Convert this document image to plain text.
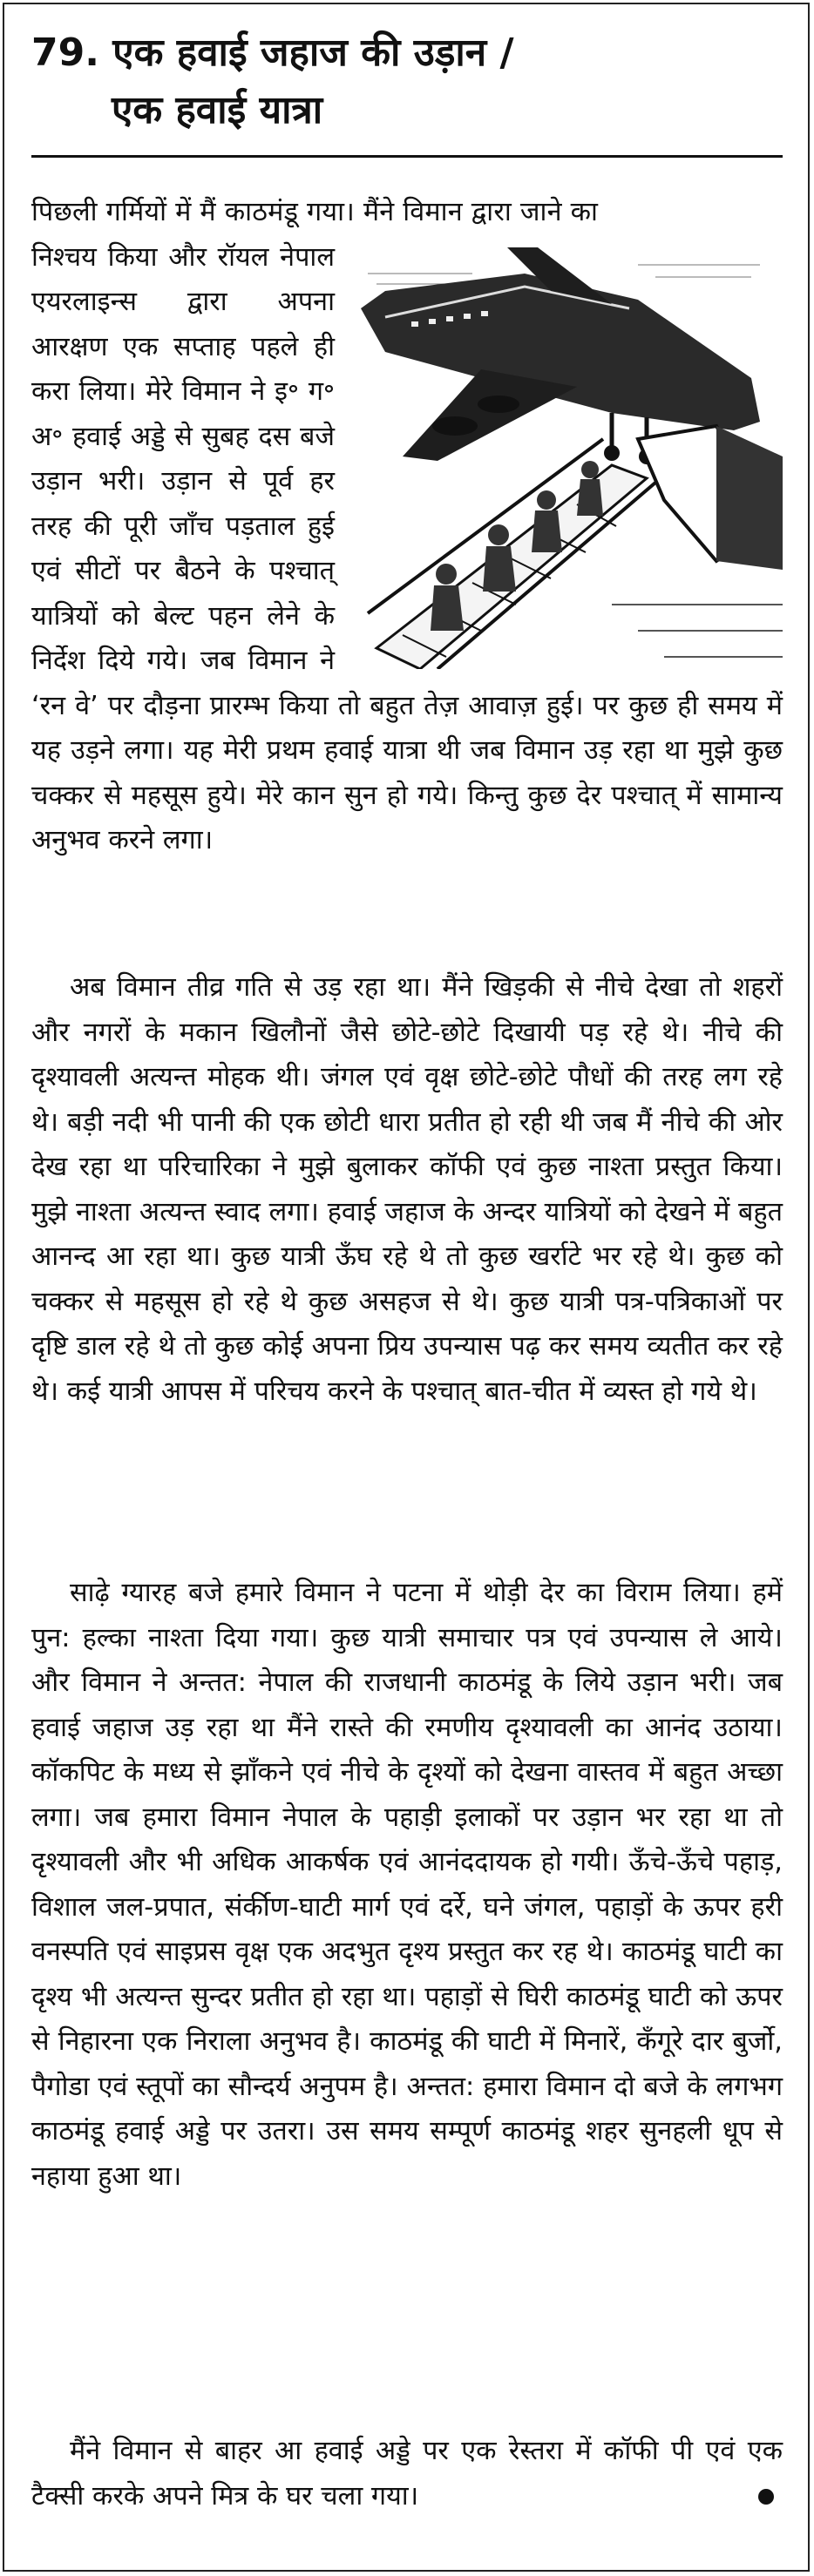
79. एक हवाई जहाज की उड़ान /
एक हवाई यात्रा
पिछली गर्मियों में मैं काठमंडू गया। मैंने विमान द्वारा जाने का
निश्चय किया और रॉयल नेपाल एयरलाइन्स द्वारा अपना आरक्षण एक सप्ताह पहले ही करा लिया। मेरे विमान ने इ॰ ग॰ अ॰ हवाई अड्डे से सुबह दस बजे उड़ान भरी। उड़ान से पूर्व हर तरह की पूरी जाँच पड़ताल हुई एवं सीटों पर बैठने के पश्चात् यात्रियों को बेल्ट पहन लेने के निर्देश दिये गये। जब विमान ने ‘रन वे’ पर दौड़ना प्रारम्भ किया तो बहुत तेज़ आवाज़ हुई। पर कुछ ही समय में यह उड़ने लगा। यह मेरी प्रथम हवाई यात्रा थी जब विमान उड़ रहा था मुझे कुछ चक्कर से महसूस हुये। मेरे कान सुन हो गये। किन्तु कुछ देर पश्चात् में सामान्य अनुभव करने लगा।

अब विमान तीव्र गति से उड़ रहा था। मैंने खिड़की से नीचे देखा तो शहरों और नगरों के मकान खिलौनों जैसे छोटे-छोटे दिखायी पड़ रहे थे। नीचे की दृश्यावली अत्यन्त मोहक थी। जंगल एवं वृक्ष छोटे-छोटे पौधों की तरह लग रहे थे। बड़ी नदी भी पानी की एक छोटी धारा प्रतीत हो रही थी जब मैं नीचे की ओर देख रहा था परिचारिका ने मुझे बुलाकर कॉफी एवं कुछ नाश्ता प्रस्तुत किया। मुझे नाश्ता अत्यन्त स्वाद लगा। हवाई जहाज के अन्दर यात्रियों को देखने में बहुत आनन्द आ रहा था। कुछ यात्री ऊँघ रहे थे तो कुछ खर्राटे भर रहे थे। कुछ को चक्कर से महसूस हो रहे थे कुछ असहज से थे। कुछ यात्री पत्र-पत्रिकाओं पर दृष्टि डाल रहे थे तो कुछ कोई अपना प्रिय उपन्यास पढ़ कर समय व्यतीत कर रहे थे। कई यात्री आपस में परिचय करने के पश्चात् बात-चीत में व्यस्त हो गये थे।

साढ़े ग्यारह बजे हमारे विमान ने पटना में थोड़ी देर का विराम लिया। हमें पुन: हल्का नाश्ता दिया गया। कुछ यात्री समाचार पत्र एवं उपन्यास ले आये। और विमान ने अन्तत: नेपाल की राजधानी काठमंडू के लिये उड़ान भरी। जब हवाई जहाज उड़ रहा था मैंने रास्ते की रमणीय दृश्यावली का आनंद उठाया। कॉकपिट के मध्य से झाँकने एवं नीचे के दृश्यों को देखना वास्तव में बहुत अच्छा लगा। जब हमारा विमान नेपाल के पहाड़ी इलाकों पर उड़ान भर रहा था तो दृश्यावली और भी अधिक आकर्षक एवं आनंददायक हो गयी। ऊँचे-ऊँचे पहाड़, विशाल जल-प्रपात, संर्कीण-घाटी मार्ग एवं दर्रे, घने जंगल, पहाड़ों के ऊपर हरी वनस्पति एवं साइप्रस वृक्ष एक अदभुत दृश्य प्रस्तुत कर रह थे। काठमंडू घाटी का दृश्य भी अत्यन्त सुन्दर प्रतीत हो रहा था। पहाड़ों से घिरी काठमंडू घाटी को ऊपर से निहारना एक निराला अनुभव है। काठमंडू की घाटी में मिनारें, कँगूरे दार बुर्जो, पैगोडा एवं स्तूपों का सौन्दर्य अनुपम है। अन्तत: हमारा विमान दो बजे के लगभग काठमंडू हवाई अड्डे पर उतरा। उस समय सम्पूर्ण काठमंडू शहर सुनहली धूप से नहाया हुआ था।

मैंने विमान से बाहर आ हवाई अड्डे पर एक रेस्तरा में कॉफी पी एवं एक टैक्सी करके अपने मित्र के घर चला गया।
